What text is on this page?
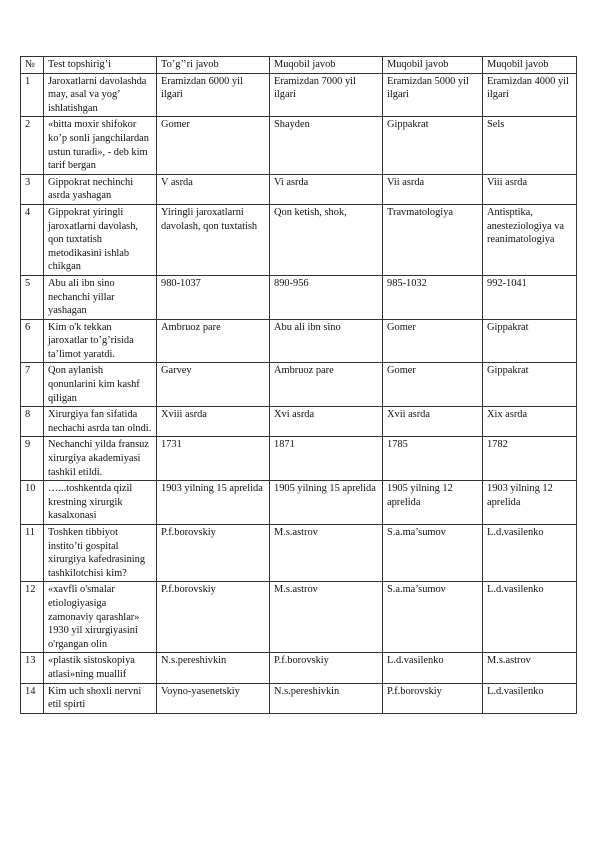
№	Test topshirig’i	To’g’’ri javob	Muqobil javob	Muqobil javob	Muqobil javob
1	Jaroxatlarni davolashda may, asal va yog’ ishlatishgan	Eramizdan 6000 yil ilgari	Eramizdan 7000 yil ilgari	Eramizdan 5000 yil ilgari	Eramizdan 4000 yil ilgari
2	«bitta moxir shifokor ko’p sonli jangchilardan ustun turadi», - deb kim tarif bergan	Gomer	Shayden	Gippakrat	Sels
3	Gippokrat nechinchi asrda yashagan	V asrda	Vi asrda	Vii asrda	Viii asrda
4	Gippokrat yiringli jaroxatlarni davolash, qon tuxtatish metodikasini ishlab chikgan	Yiringli jaroxatlarni davolash, qon tuxtatish	Qon ketish, shok,	Travmatologiya	Antisptika, anesteziologiya va reanimatologiya
5	Abu ali ibn sino nechanchi yillar yashagan	980-1037	890-956	985-1032	992-1041
6	Kim o'k tekkan jaroxatlar to’g’risida ta’limot yaratdi.	Ambruoz pare	Abu ali ibn sino	Gomer	Gippakrat
7	Qon aylanish qonunlarini kim kashf qiligan	Garvey	Ambruoz pare	Gomer	Gippakrat
8	Xirurgiya fan sifatida nechachi asrda tan olndi.	Xviii asrda	Xvi asrda	Xvii asrda	Xix asrda
9	Nechanchi yilda fransuz xirurgiya akademiyasi tashkil etildi.	1731	1871	1785	1782
10	…...toshkentda qizil krestning xirurgik kasalxonasi	1903 yilning 15 aprelida	1905 yilning 15 aprelida	1905 yilning 12 aprelida	1903 yilning 12 aprelida
11	Toshken tibbiyot instito’ti gospital xirurgiya kafedrasining tashkilotchisi kim?	P.f.borovskiy	M.s.astrov	S.a.ma’sumov	L.d.vasilenko
12	«xavfli o'smalar etiologiyasiga zamonaviy qarashlar» 1930 yil xirurgiyasini o'rgangan olin	P.f.borovskiy	M.s.astrov	S.a.ma’sumov	L.d.vasilenko
13	«plastik sistoskopiya atlasi»ning muallif	N.s.pereshivkin	P.f.borovskiy	L.d.vasilenko	M.s.astrov
14	Kim uch shoxli nervni etil spirti	Voyno-yasenetskiy	N.s.pereshivkin	P.f.borovskiy	L.d.vasilenko
